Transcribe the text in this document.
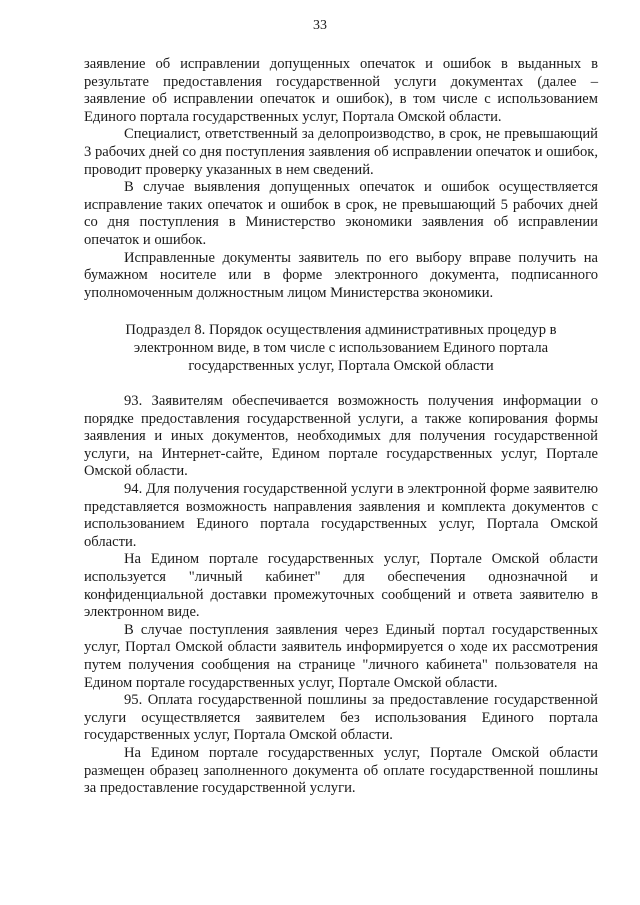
33

заявление об исправлении допущенных опечаток и ошибок в выданных в результате предоставления государственной услуги документах (далее – заявление об исправлении опечаток и ошибок), в том числе с использованием Единого портала государственных услуг, Портала Омской области.

Специалист, ответственный за делопроизводство, в срок, не превышающий 3 рабочих дней со дня поступления заявления об исправлении опечаток и ошибок, проводит проверку указанных в нем сведений.

В случае выявления допущенных опечаток и ошибок осуществляется исправление таких опечаток и ошибок в срок, не превышающий 5 рабочих дней со дня поступления в Министерство экономики заявления об исправлении опечаток и ошибок.

Исправленные документы заявитель по его выбору вправе получить на бумажном носителе или в форме электронного документа, подписанного уполномоченным должностным лицом Министерства экономики.

Подраздел 8. Порядок осуществления административных процедур в электронном виде, в том числе с использованием Единого портала государственных услуг, Портала Омской области

93. Заявителям обеспечивается возможность получения информации о порядке предоставления государственной услуги, а также копирования формы заявления и иных документов, необходимых для получения государственной услуги, на Интернет-сайте, Едином портале государственных услуг, Портале Омской области.

94. Для получения государственной услуги в электронной форме заявителю представляется возможность направления заявления и комплекта документов с использованием Единого портала государственных услуг, Портала Омской области.

На Едином портале государственных услуг, Портале Омской области используется "личный кабинет" для обеспечения однозначной и конфиденциальной доставки промежуточных сообщений и ответа заявителю в электронном виде.

В случае поступления заявления через Единый портал государственных услуг, Портал Омской области заявитель информируется о ходе их рассмотрения путем получения сообщения на странице "личного кабинета" пользователя на Едином портале государственных услуг, Портале Омской области.

95. Оплата государственной пошлины за предоставление государственной услуги осуществляется заявителем без использования Единого портала государственных услуг, Портала Омской области.

На Едином портале государственных услуг, Портале Омской области размещен образец заполненного документа об оплате государственной пошлины за предоставление государственной услуги.
